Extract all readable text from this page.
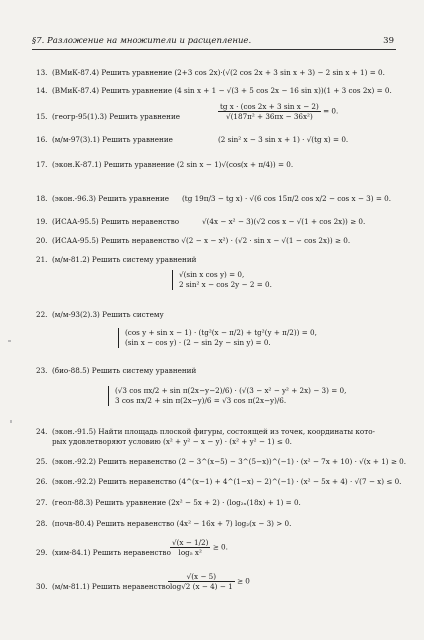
§7. Разложение на множители и расщепление.	39
13. (ВМиК-87.4) Решить уравнение (2+3 cos 2x)·(√(2 cos 2x + 3 sin x + 3) − 2 sin x + 1) = 0.
14. (ВМиК-87.4) Решить уравнение (4 sin x + 1 − √(3 + 5 cos 2x − 16 sin x))(1 + 3 cos 2x) = 0.
15. (геогр-95(1).3) Решить уравнение	$\frac{\text{tg x · (cos 2x + 3 sin x − 2)}}{\text{√(187π² + 36πx − 36x²)}} = 0$.
16. (м/м-97(3).1) Решить уравнение	(2 sin² x − 3 sin x + 1) · √(tg x) = 0.
17. (экон.К-87.1) Решить уравнение (2 sin x − 1)√(cos(x + π/4)) = 0.
18. (экон.-96.3) Решить уравнение	(tg 19π/3 − tg x) · √(6 cos 15π/2 cos x/2 − cos x − 3) = 0.
19. (ИСАА-95.5) Решить неравенство	√(4x − x² − 3)(√2 cos x − √(1 + cos 2x)) ≥ 0.
20. (ИСАА-95.5) Решить неравенство √(2 − x − x²) · (√2 · sin x − √(1 − cos 2x)) ≥ 0.
21. (м/м-81.2) Решить систему уравнений
√(sin x cos y) = 0,
2 sin² x − cos 2y − 2 = 0.
22. (м/м-93(2).3) Решить систему
(cos y + sin x − 1) · (tg²(x − π/2) + tg²(y + π/2)) = 0,
(sin x − cos y) · (2 − sin 2y − sin y) = 0.
23. (био-88.5) Решить систему уравнений
(√3 cos πx/2 + sin π(2x−y−2)/6) · (√(3 − x² − y² + 2x) − 3) = 0,
3 cos πx/2 + sin π(2x−y)/6 = √3 cos π(2x−y)/6.
24. (экон.-91.5) Найти площадь плоской фигуры, состоящей из точек, координаты кото-
рых удовлетворяют условию (x² + y² − x − y) · (x² + y² − 1) ≤ 0.
25. (экон.-92.2) Решить неравенство (2 − 3^(x−5) − 3^(5−x))^(−1) · (x² − 7x + 10) · √(x + 1) ≥ 0.
26. (экон.-92.2) Решить неравенство (4^(x−1) + 4^(1−x) − 2)^(−1) · (x² − 5x + 4) · √(7 − x) ≤ 0.
27. (геол-88.3) Решить уравнение (2x² − 5x + 2) · (log₂ₓ(18x) + 1) = 0.
28. (почв-80.4) Решить неравенство (4x² − 16x + 7) log₂(x − 3) > 0.
29. (хим-84.1) Решить неравенство $\frac{√(x - 1/2)}{\text{log₅ x²}} \ge 0$.
30. (м/м-81.1) Решить неравенство
$\frac{√(x - 5)}{\log√2 (x - 4) - 1} \ge 0$
